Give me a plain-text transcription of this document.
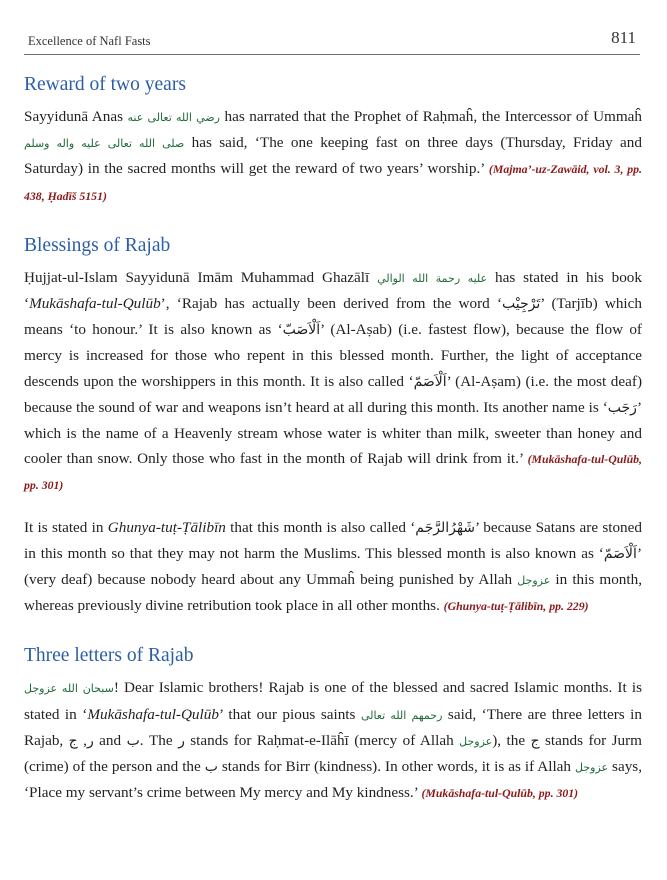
Excellence of Nafl Fasts	811
Reward of two years

Sayyidunā Anas رضي الله تعالى عنه has narrated that the Prophet of Raḥmaĥ, the Intercessor of Ummaĥ صلى الله تعالى عليه واله وسلم has said, ‘The one keeping fast on three days (Thursday, Friday and Saturday) in the sacred months will get the reward of two years’ worship.’ (Majma’-uz-Zawāid, vol. 3, pp. 438, Ḥadīš 5151)

Blessings of Rajab

Ḥujjat-ul-Islam Sayyidunā Imām Muhammad Ghazālī عليه رحمة الله الوالي has stated in his book ‘Mukāshafa-tul-Qulūb’, ‘Rajab has actually been derived from the word ‘تَرْجِيْب’ (Tarjīb) which means ‘to honour.’ It is also known as ‘اَلْاَصَبّ’ (Al-Aṣab) (i.e. fastest flow), because the flow of mercy is increased for those who repent in this blessed month. Further, the light of acceptance descends upon the worshippers in this month. It is also called ‘اَلْاَصَمّ’ (Al-Aṣam) (i.e. the most deaf) because the sound of war and weapons isn’t heard at all during this month. Its another name is ‘رَجَب’ which is the name of a Heavenly stream whose water is whiter than milk, sweeter than honey and cooler than snow. Only those who fast in the month of Rajab will drink from it.’ (Mukāshafa-tul-Qulūb, pp. 301)

It is stated in Ghunya-tuṭ-Ṭālibīn that this month is also called ‘شَهْرُالرَّجَم’ because Satans are stoned in this month so that they may not harm the Muslims. This blessed month is also known as ‘اَلْاَصَمّ’ (very deaf) because nobody heard about any Ummaĥ being punished by Allah عزوجل in this month, whereas previously divine retribution took place in all other months. (Ghunya-tuṭ-Ṭālibīn, pp. 229)

Three letters of Rajab

سبحان الله عزوجل! Dear Islamic brothers! Rajab is one of the blessed and sacred Islamic months. It is stated in ‘Mukāshafa-tul-Qulūb’ that our pious saints رحمهم الله تعالى said, ‘There are three letters in Rajab, ر, ج and ب. The ر stands for Raḥmat-e-Ilāĥī (mercy of Allah عزوجل), the ج stands for Jurm (crime) of the person and the ب stands for Birr (kindness). In other words, it is as if Allah عزوجل says, ‘Place my servant’s crime between My mercy and My kindness.’ (Mukāshafa-tul-Qulūb, pp. 301)
